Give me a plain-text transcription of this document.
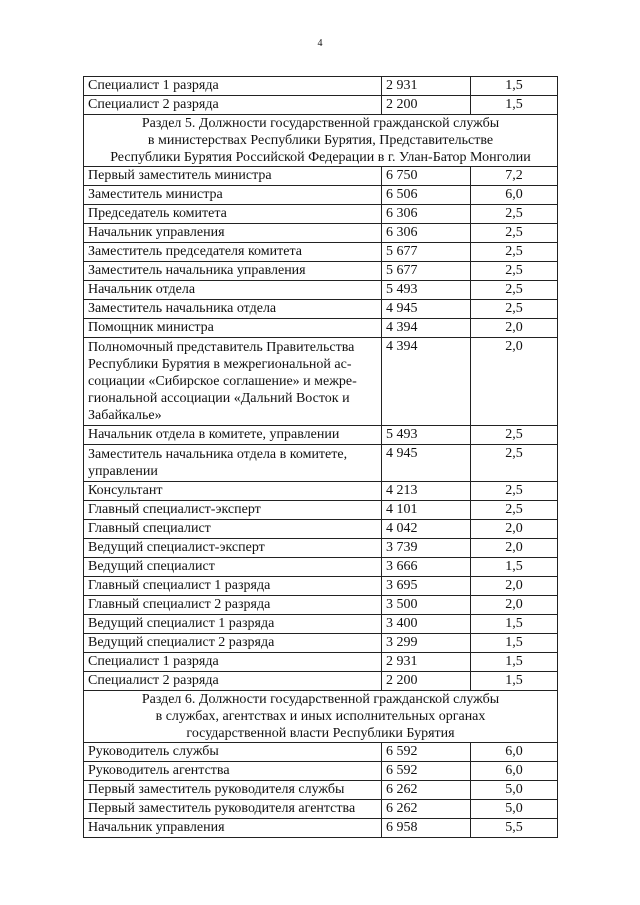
4
Специалист 1 разряда	2 931	1,5
Специалист 2 разряда	2 200	1,5

Раздел 5. Должности государственной гражданской службы
в министерствах Республики Бурятия, Представительстве
Республики Бурятия Российской Федерации в г. Улан-Батор Монголии		

Первый заместитель министра	6 750	7,2
Заместитель министра	6 506	6,0
Председатель комитета	6 306	2,5
Начальник управления	6 306	2,5
Заместитель председателя комитета	5 677	2,5
Заместитель начальника управления	5 677	2,5
Начальник отдела	5 493	2,5
Заместитель начальника отдела	4 945	2,5
Помощник министра	4 394	2,0

Полномочный представитель Правительства
Республики Бурятия в межрегиональной ас-
социации «Сибирское соглашение» и межре-
гиональной ассоциации «Дальний Восток и
Забайкалье»	4 394	2,0
Начальник отдела в комитете, управлении	5 493	2,5

Заместитель начальника отдела в комитете,
управлении	4 945	2,5
Консультант	4 213	2,5
Главный специалист-эксперт	4 101	2,5
Главный специалист	4 042	2,0
Ведущий специалист-эксперт	3 739	2,0
Ведущий специалист	3 666	1,5
Главный специалист 1 разряда	3 695	2,0
Главный специалист 2 разряда	3 500	2,0
Ведущий специалист 1 разряда	3 400	1,5
Ведущий специалист 2 разряда	3 299	1,5
Специалист 1 разряда	2 931	1,5
Специалист 2 разряда	2 200	1,5

Раздел 6. Должности государственной гражданской службы
в службах, агентствах и иных исполнительных органах
государственной власти Республики Бурятия		

Руководитель службы	6 592	6,0
Руководитель агентства	6 592	6,0
Первый заместитель руководителя службы	6 262	5,0
Первый заместитель руководителя агентства	6 262	5,0
Начальник управления	6 958	5,5
